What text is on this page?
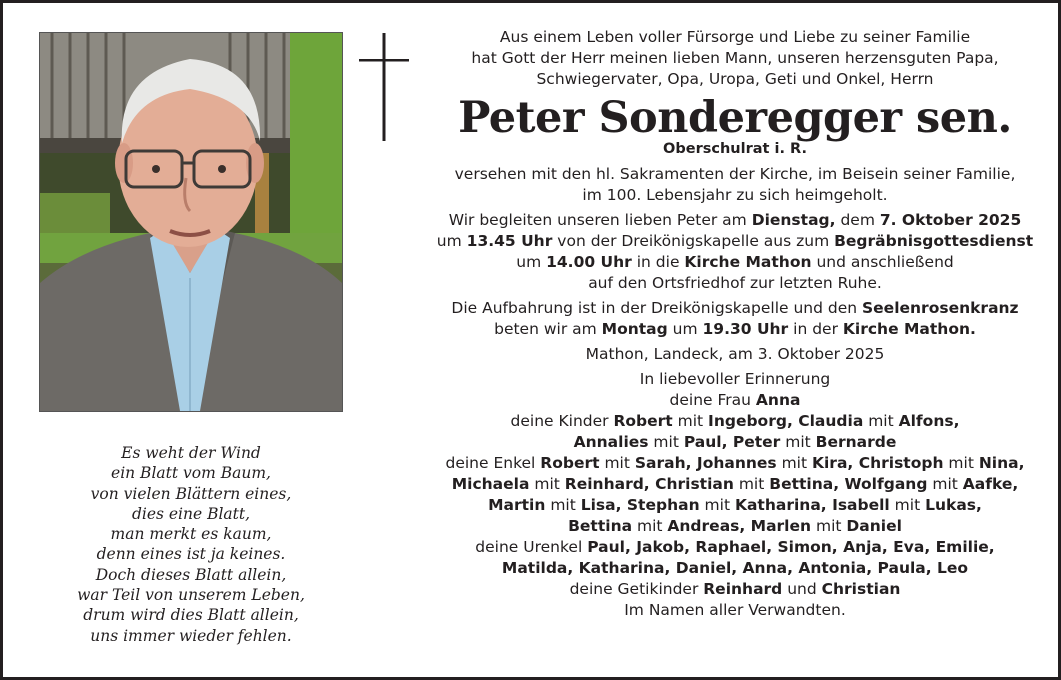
Es weht der Wind
ein Blatt vom Baum,
von vielen Blättern eines,
dies eine Blatt,
man merkt es kaum,
denn eines ist ja keines.
Doch dieses Blatt allein,
war Teil von unserem Leben,
drum wird dies Blatt allein,
uns immer wieder fehlen.
Aus einem Leben voller Fürsorge und Liebe zu seiner Familie
hat Gott der Herr meinen lieben Mann, unseren herzensguten Papa,
Schwiegervater, Opa, Uropa, Geti und Onkel, Herrn
Peter Sonderegger sen.
Oberschulrat i. R.
versehen mit den hl. Sakramenten der Kirche, im Beisein seiner Familie,
im 100. Lebensjahr zu sich heimgeholt.
Wir begleiten unseren lieben Peter am Dienstag, dem 7. Oktober 2025
um 13.45 Uhr von der Dreikönigskapelle aus zum Begräbnisgottesdienst
um 14.00 Uhr in die Kirche Mathon und anschließend
auf den Ortsfriedhof zur letzten Ruhe.
Die Aufbahrung ist in der Dreikönigskapelle und den Seelenrosenkranz
beten wir am Montag um 19.30 Uhr in der Kirche Mathon.
Mathon, Landeck, am 3. Oktober 2025
In liebevoller Erinnerung
deine Frau Anna
deine Kinder Robert mit Ingeborg, Claudia mit Alfons,
Annalies mit Paul, Peter mit Bernarde
deine Enkel Robert mit Sarah, Johannes mit Kira, Christoph mit Nina,
Michaela mit Reinhard, Christian mit Bettina, Wolfgang mit Aafke,
Martin mit Lisa, Stephan mit Katharina, Isabell mit Lukas,
Bettina mit Andreas, Marlen mit Daniel
deine Urenkel Paul, Jakob, Raphael, Simon, Anja, Eva, Emilie,
Matilda, Katharina, Daniel, Anna, Antonia, Paula, Leo
deine Getikinder Reinhard und Christian
Im Namen aller Verwandten.
